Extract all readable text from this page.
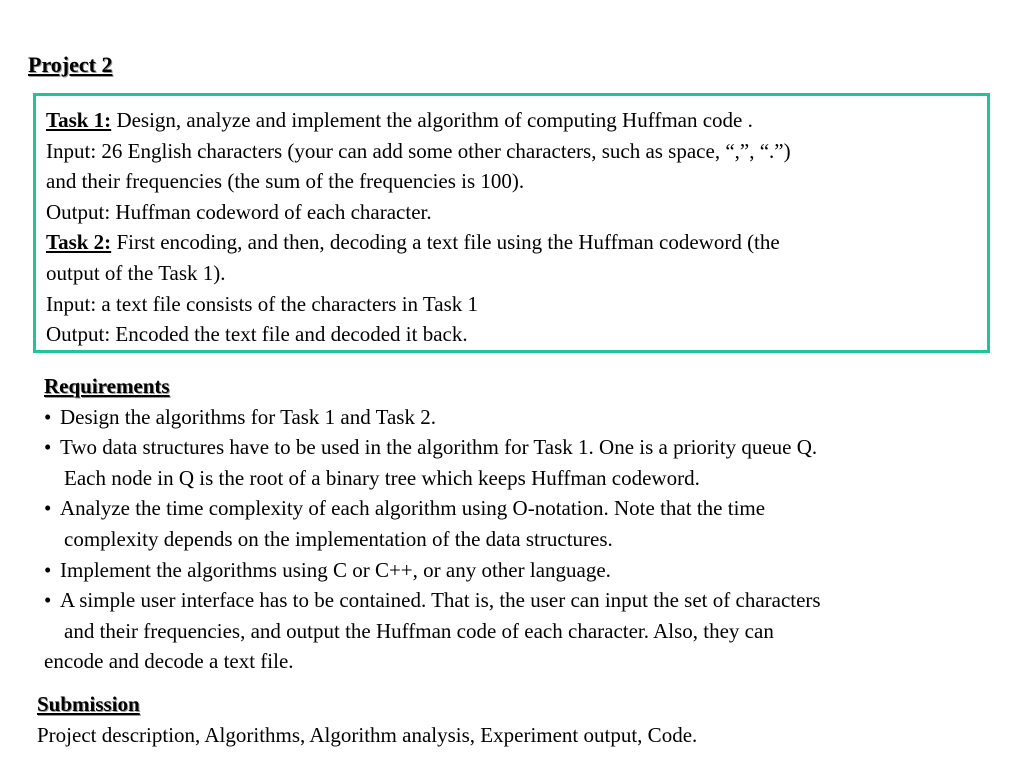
Project 2
Task 1: Design, analyze and implement the algorithm of computing Huffman code .
Input: 26 English characters (your can add some other characters, such as space, “,”, “.”)
and their frequencies (the sum of the frequencies is 100).
Output: Huffman codeword of each character.
Task 2: First encoding, and then, decoding a text file using the Huffman codeword (the
output of the Task 1).
Input: a text file consists of the characters in Task 1
Output: Encoded the text file and decoded it back.
Requirements
• Design the algorithms for Task 1 and Task 2.
• Two data structures have to be used in the algorithm for Task 1. One is a priority queue Q.
Each node in Q is the root of a binary tree which keeps Huffman codeword.
• Analyze the time complexity of each algorithm using O-notation. Note that the time
complexity depends on the implementation of the data structures.
• Implement the algorithms using C or C++, or any other language.
• A simple user interface has to be contained. That is, the user can input the set of characters
and their frequencies, and output the Huffman code of each character. Also, they can
encode and decode a text file.
Submission
Project description, Algorithms, Algorithm analysis, Experiment output, Code.
